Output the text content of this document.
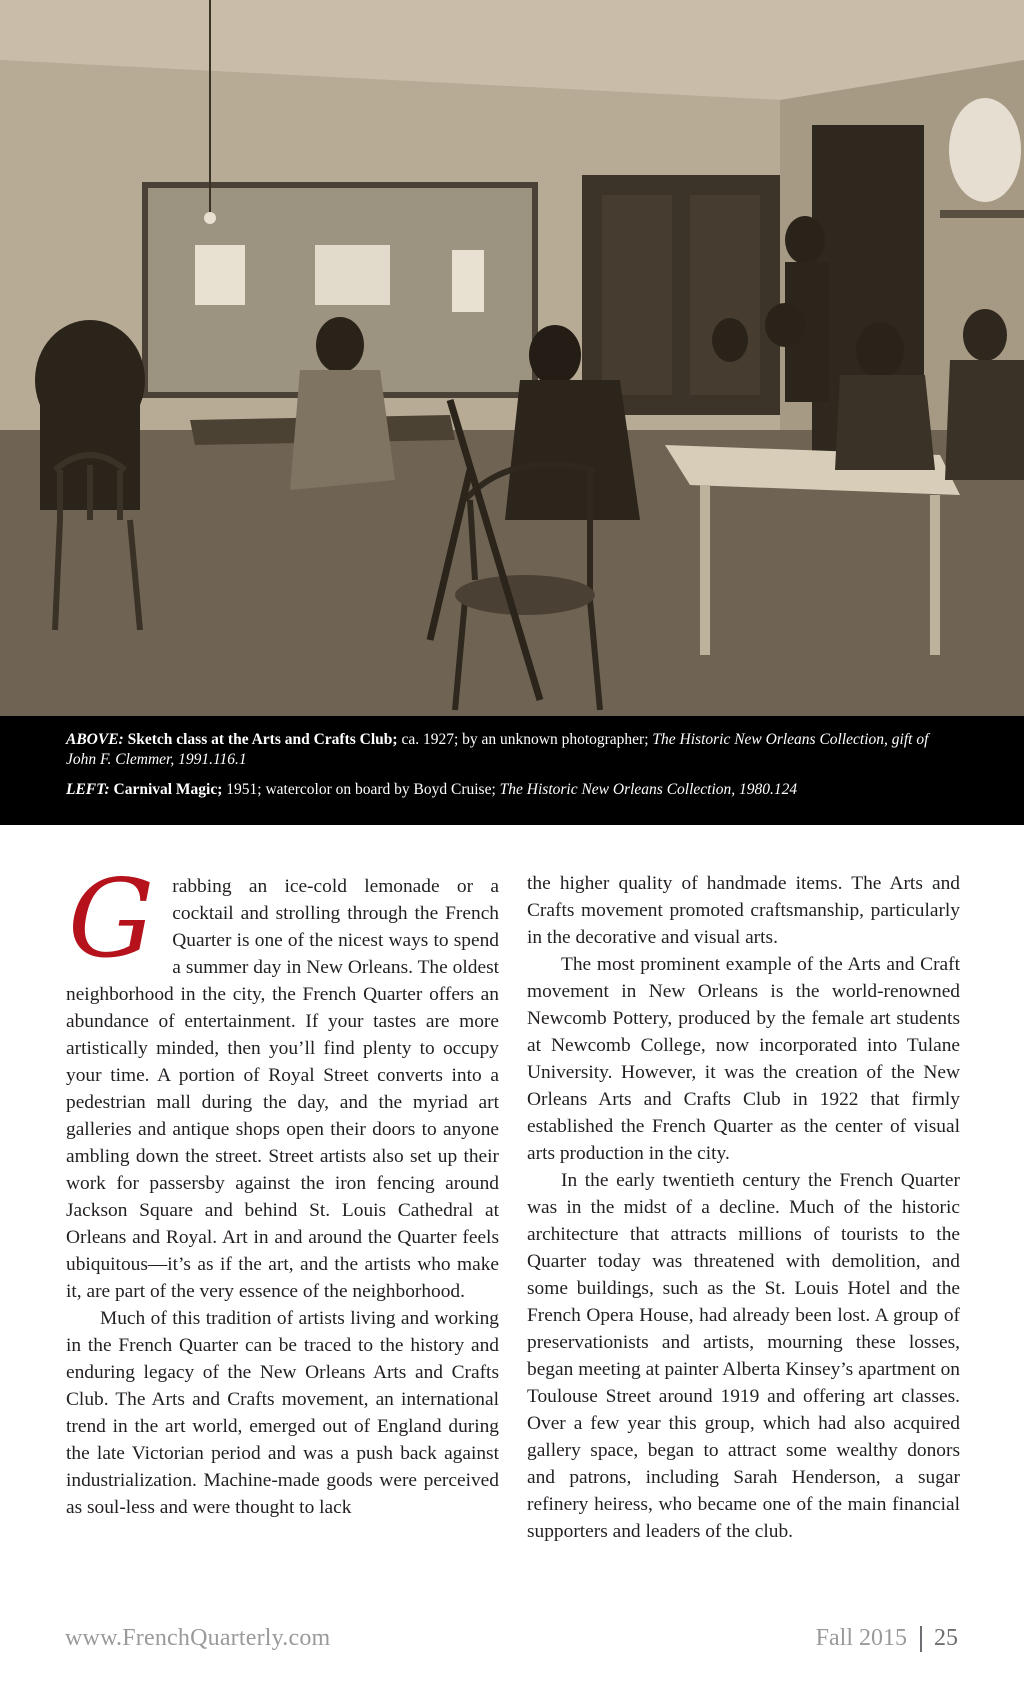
ABOVE: Sketch class at the Arts and Crafts Club; ca. 1927; by an unknown photographer; The Historic New Orleans Collection, gift of John F. Clemmer, 1991.116.1

LEFT: Carnival Magic; 1951; watercolor on board by Boyd Cruise; The Historic New Orleans Collection, 1980.124

Grabbing an ice-cold lemonade or a cocktail and strolling through the French Quarter is one of the nicest ways to spend a summer day in New Orleans. The oldest neighborhood in the city, the French Quarter offers an abundance of entertainment. If your tastes are more artistically minded, then you’ll find plenty to occupy your time. A portion of Royal Street converts into a pedestrian mall during the day, and the myriad art galleries and antique shops open their doors to anyone ambling down the street. Street artists also set up their work for passersby against the iron fencing around Jackson Square and behind St. Louis Cathedral at Orleans and Royal. Art in and around the Quarter feels ubiquitous—it’s as if the art, and the artists who make it, are part of the very essence of the neighborhood.

Much of this tradition of artists living and working in the French Quarter can be traced to the history and enduring legacy of the New Orleans Arts and Crafts Club. The Arts and Crafts movement, an international trend in the art world, emerged out of England during the late Victorian period and was a push back against industrialization. Machine-made goods were perceived as soul-less and were thought to lack

the higher quality of handmade items. The Arts and Crafts movement promoted craftsmanship, particularly in the decorative and visual arts.

The most prominent example of the Arts and Craft movement in New Orleans is the world-renowned Newcomb Pottery, produced by the female art students at Newcomb College, now incorporated into Tulane University. However, it was the creation of the New Orleans Arts and Crafts Club in 1922 that firmly established the French Quarter as the center of visual arts production in the city.

In the early twentieth century the French Quarter was in the midst of a decline. Much of the historic architecture that attracts millions of tourists to the Quarter today was threatened with demolition, and some buildings, such as the St. Louis Hotel and the French Opera House, had already been lost. A group of preservationists and artists, mourning these losses, began meeting at painter Alberta Kinsey’s apartment on Toulouse Street around 1919 and offering art classes. Over a few year this group, which had also acquired gallery space, began to attract some wealthy donors and patrons, including Sarah Henderson, a sugar refinery heiress, who became one of the main financial supporters and leaders of the club.

www.FrenchQuarterly.com	Fall 2015 25
